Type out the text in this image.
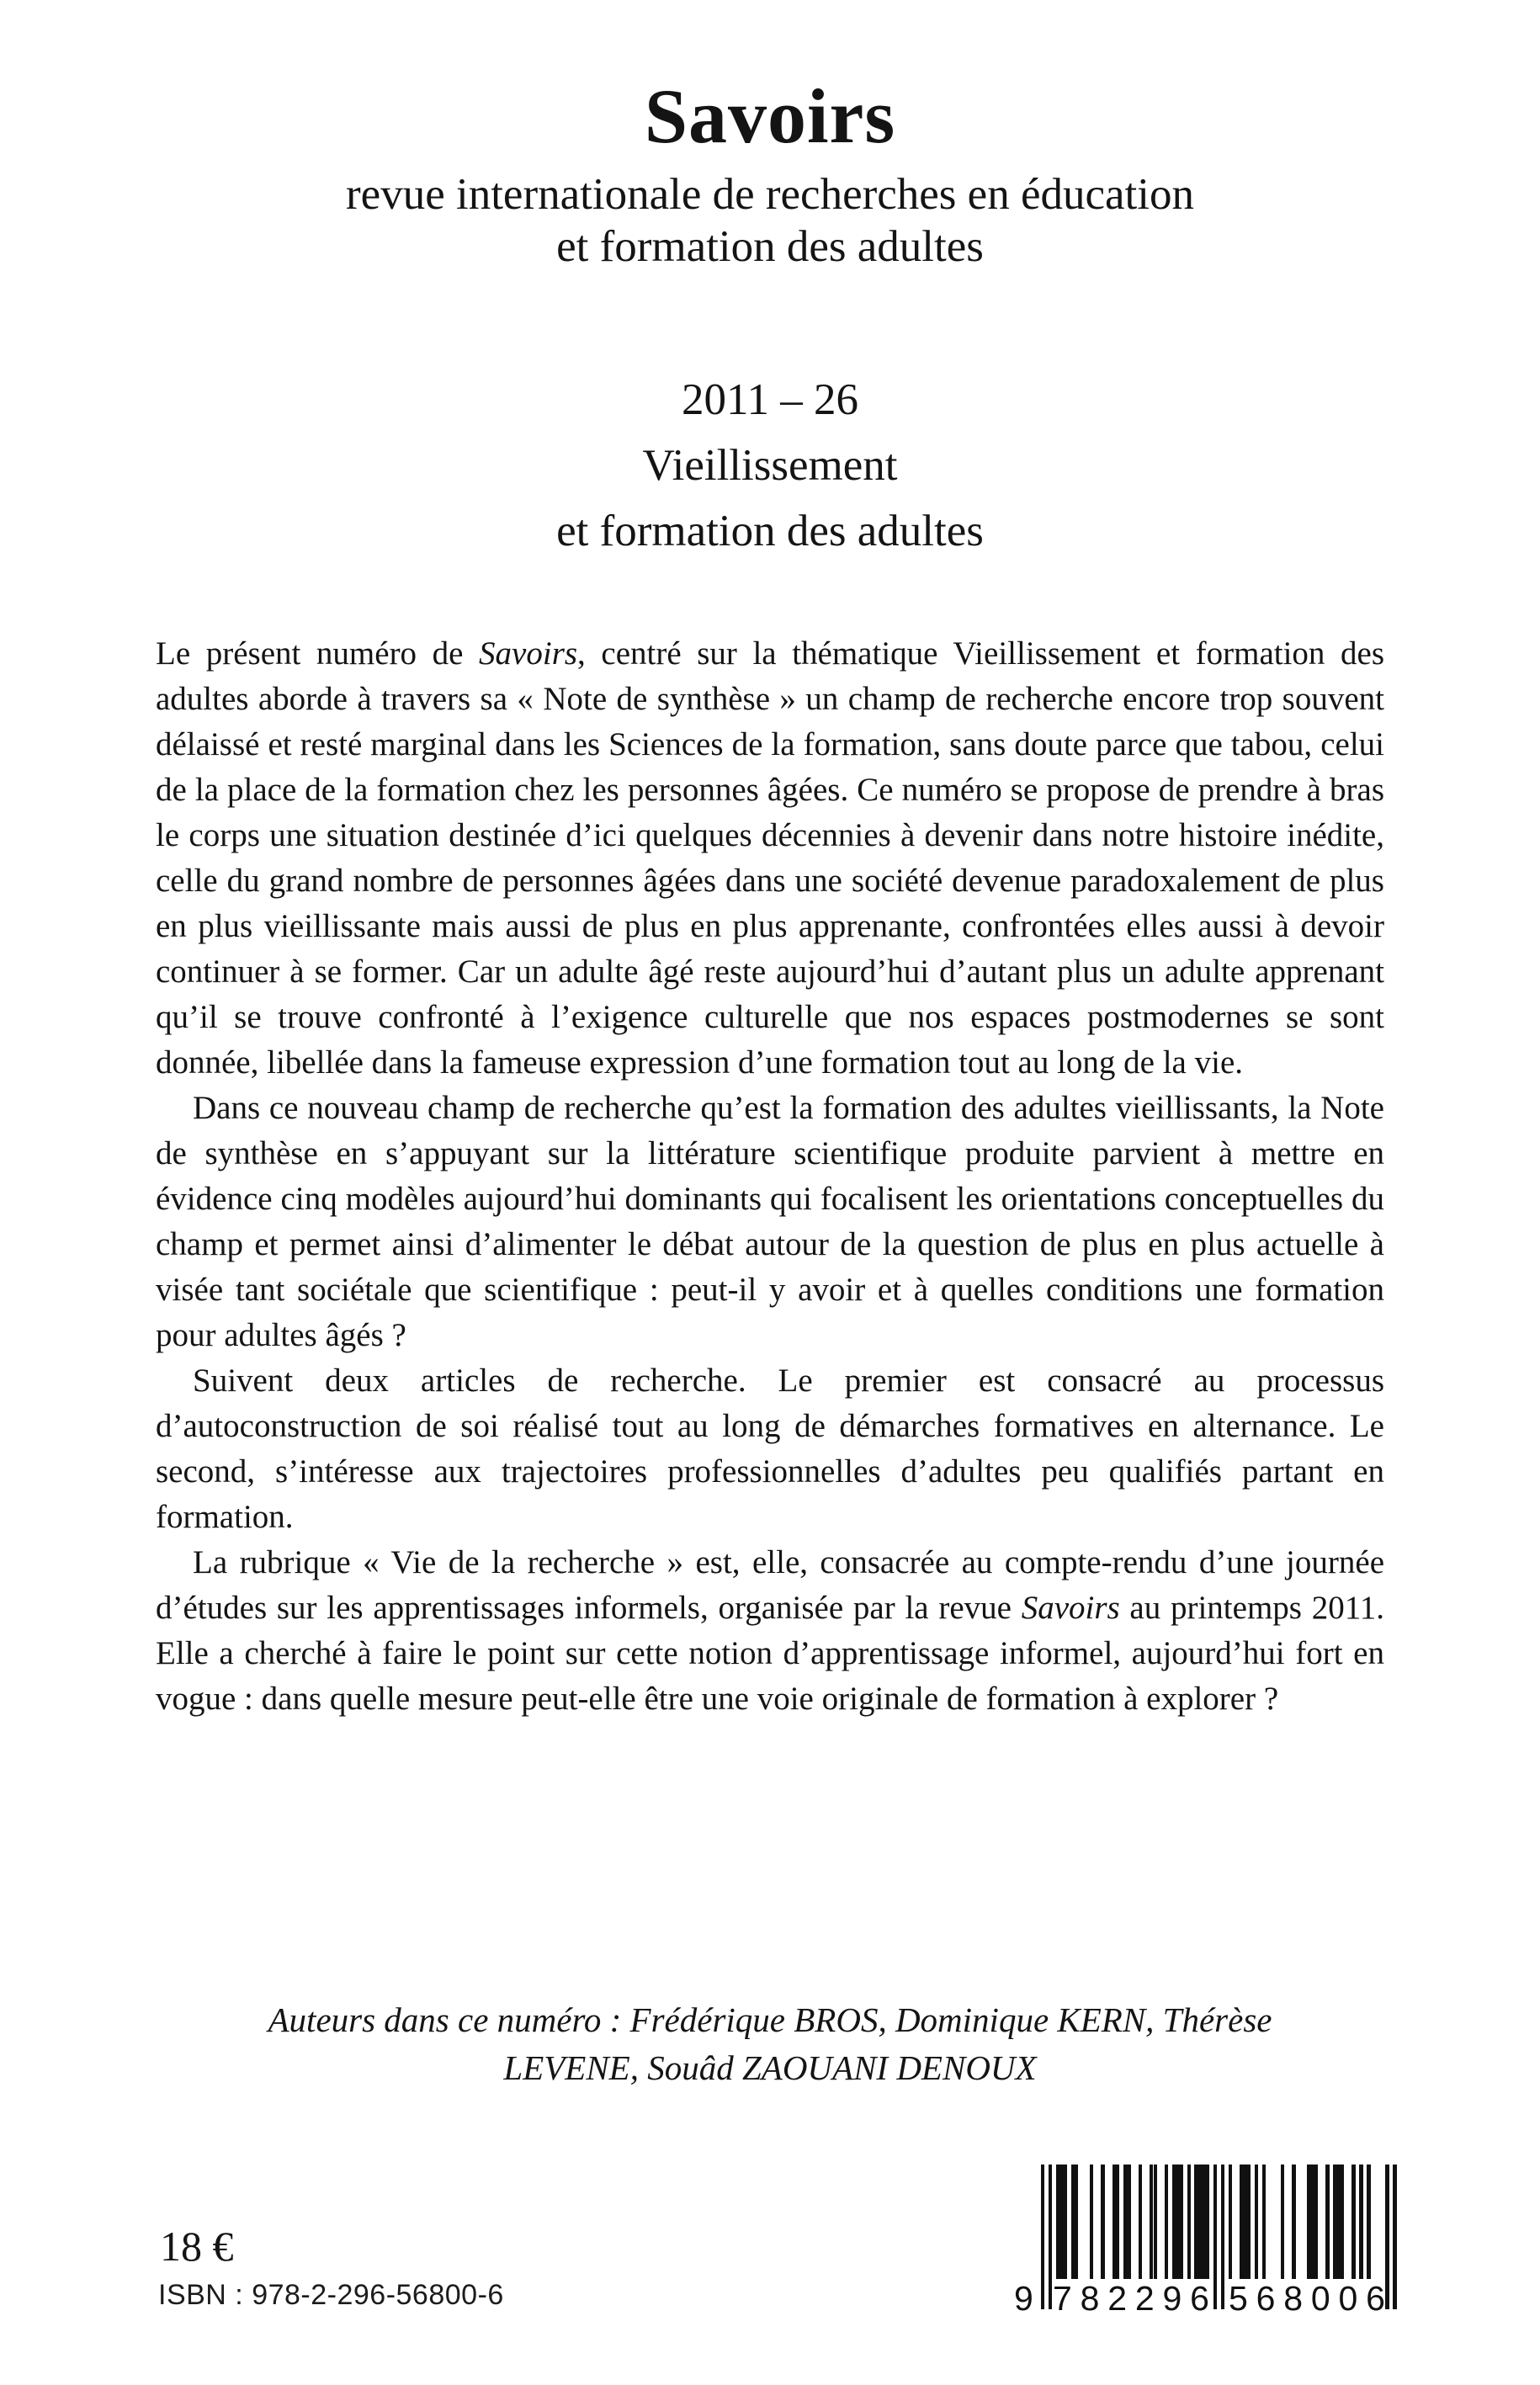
Savoirs
revue internationale de recherches en éducation
et formation des adultes
2011 – 26
Vieillissement
et formation des adultes

Le présent numéro de Savoirs, centré sur la thématique Vieillissement et formation des adultes aborde à travers sa « Note de synthèse » un champ de recherche encore trop souvent délaissé et resté marginal dans les Sciences de la formation, sans doute parce que tabou, celui de la place de la formation chez les personnes âgées. Ce numéro se propose de prendre à bras le corps une situation destinée d’ici quelques décennies à devenir dans notre histoire inédite, celle du grand nombre de personnes âgées dans une société devenue paradoxalement de plus en plus vieillissante mais aussi de plus en plus apprenante, confrontées elles aussi à devoir continuer à se former. Car un adulte âgé reste aujourd’hui d’autant plus un adulte apprenant qu’il se trouve confronté à l’exigence culturelle que nos espaces postmodernes se sont donnée, libellée dans la fameuse expression d’une formation tout au long de la vie.

Dans ce nouveau champ de recherche qu’est la formation des adultes vieillissants, la Note de synthèse en s’appuyant sur la littérature scientifique produite parvient à mettre en évidence cinq modèles aujourd’hui dominants qui focalisent les orientations conceptuelles du champ et permet ainsi d’alimenter le débat autour de la question de plus en plus actuelle à visée tant sociétale que scientifique : peut-il y avoir et à quelles conditions une formation pour adultes âgés ?

Suivent deux articles de recherche. Le premier est consacré au processus d’autoconstruction de soi réalisé tout au long de démarches formatives en alternance. Le second, s’intéresse aux trajectoires professionnelles d’adultes peu qualifiés partant en formation.

La rubrique « Vie de la recherche » est, elle, consacrée au compte-rendu d’une journée d’études sur les apprentissages informels, organisée par la revue Savoirs au printemps 2011. Elle a cherché à faire le point sur cette notion d’apprentissage informel, aujourd’hui fort en vogue : dans quelle mesure peut-elle être une voie originale de formation à explorer ?

Auteurs dans ce numéro : Frédérique BROS, Dominique KERN, Thérèse
LEVENE, Souâd ZAOUANI DENOUX
18 €
ISBN : 978-2-296-56800-6	9 7 8 2 2 9 6 5 6 8 0 0 6
